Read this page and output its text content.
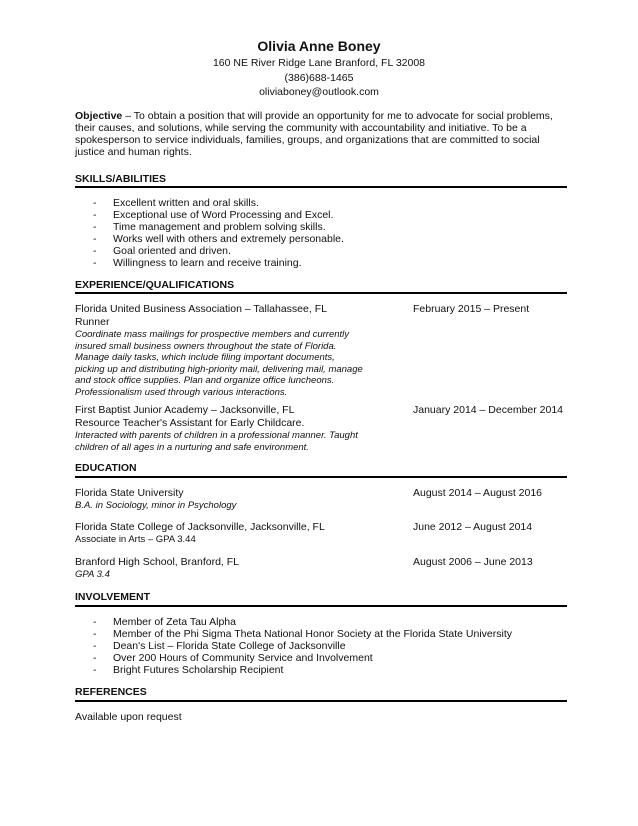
Olivia Anne Boney
160 NE River Ridge Lane Branford, FL 32008
(386)688-1465
oliviaboney@outlook.com
Objective – To obtain a position that will provide an opportunity for me to advocate for social problems, their causes, and solutions, while serving the community with accountability and initiative. To be a spokesperson to service individuals, families, groups, and organizations that are committed to social justice and human rights.
SKILLS/ABILITIES
- Excellent written and oral skills.
- Exceptional use of Word Processing and Excel.
- Time management and problem solving skills.
- Works well with others and extremely personable.
- Goal oriented and driven.
- Willingness to learn and receive training.
EXPERIENCE/QUALIFICATIONS
Florida United Business Association – Tallahassee, FL	February 2015 – Present
Runner
Coordinate mass mailings for prospective members and currently insured small business owners throughout the state of Florida. Manage daily tasks, which include filing important documents, picking up and distributing high-priority mail, delivering mail, manage and stock office supplies. Plan and organize office luncheons. Professionalism used through various interactions.
First Baptist Junior Academy – Jacksonville, FL	January 2014 – December 2014
Resource Teacher's Assistant for Early Childcare.
Interacted with parents of children in a professional manner. Taught children of all ages in a nurturing and safe environment.
EDUCATION
Florida State University	August 2014 – August 2016
B.A. in Sociology, minor in Psychology
Florida State College of Jacksonville, Jacksonville, FL	June 2012 – August 2014
Associate in Arts – GPA 3.44
Branford High School, Branford, FL	August 2006 – June 2013
GPA 3.4
INVOLVEMENT
- Member of Zeta Tau Alpha
- Member of the Phi Sigma Theta National Honor Society at the Florida State University
- Dean's List – Florida State College of Jacksonville
- Over 200 Hours of Community Service and Involvement
- Bright Futures Scholarship Recipient
REFERENCES
Available upon request
